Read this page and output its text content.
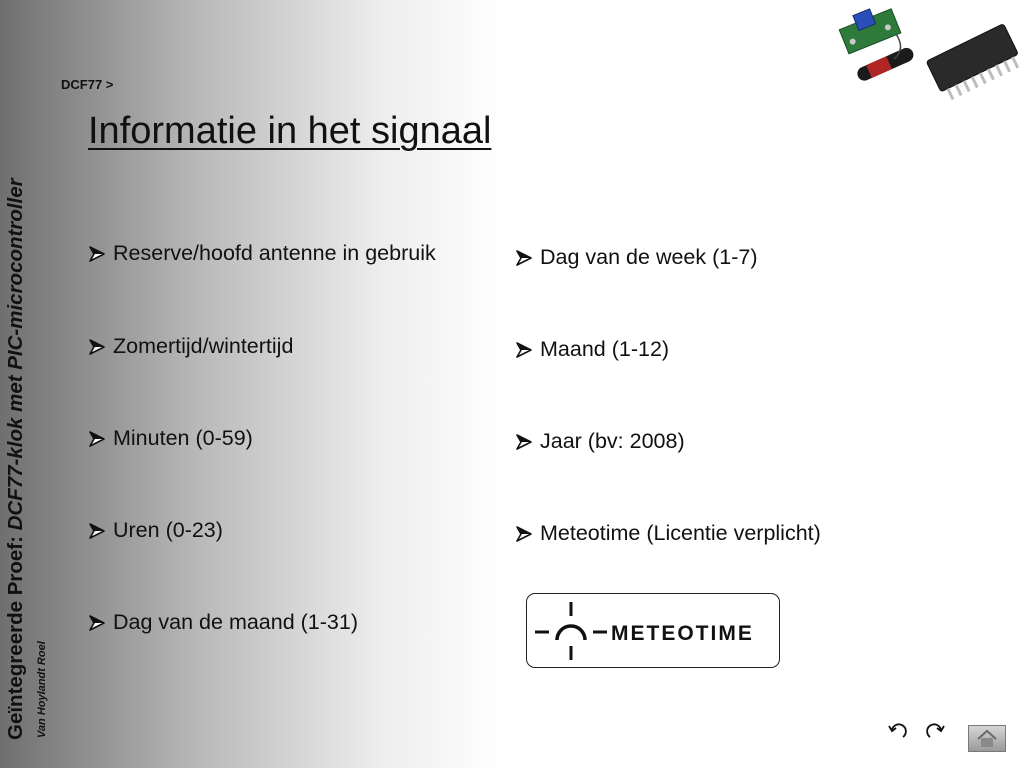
Geïntegreerde Proef: DCF77-klok met PIC-microcontroller
Van Hoylandt Roel
DCF77 >
Informatie in het signaal
Reserve/hoofd antenne in gebruik
Zomertijd/wintertijd
Minuten (0-59)
Uren (0-23)
Dag van de maand (1-31)
Dag van de week (1-7)
Maand (1-12)
Jaar (bv: 2008)
Meteotime (Licentie verplicht)
METEOTIME
